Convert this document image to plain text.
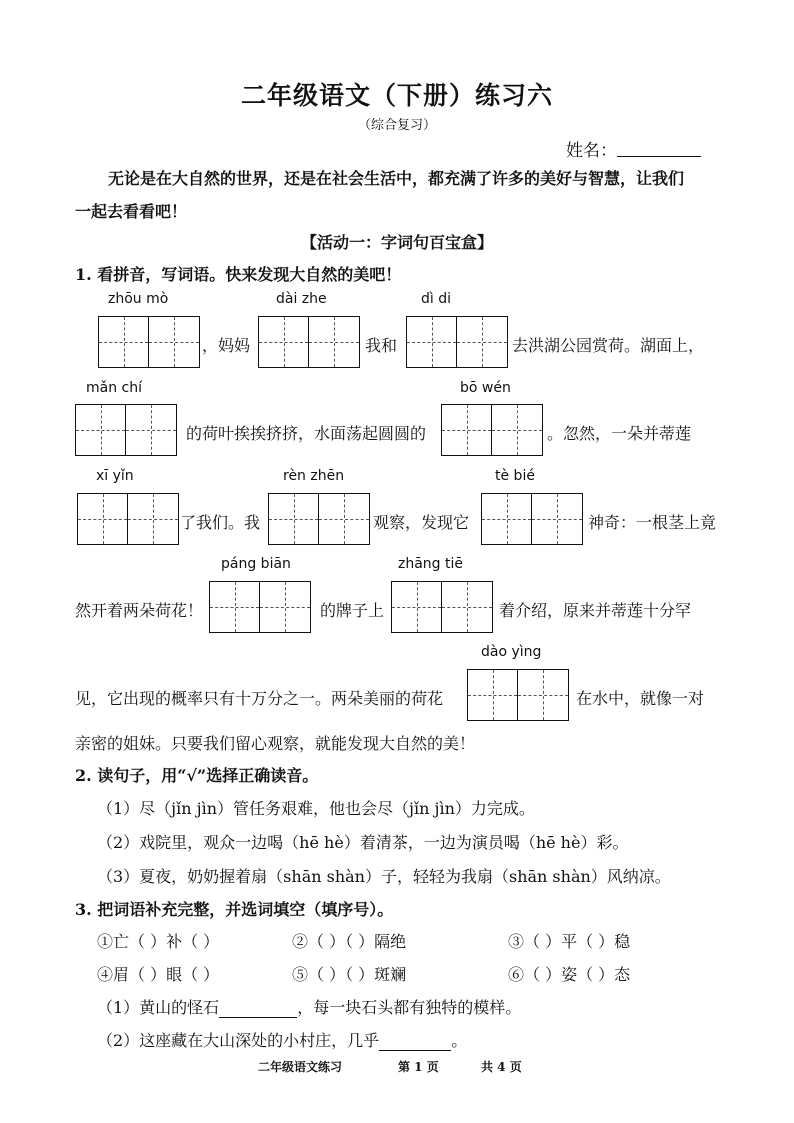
二年级语文（下册）练习六
（综合复习）
姓名：
无论是在大自然的世界，还是在社会生活中，都充满了许多的美好与智慧，让我们
一起去看看吧！
【活动一：字词句百宝盒】
1. 看拼音，写词语。快来发现大自然的美吧！
zhōu mò	dài zhe	dì di
，妈妈	我和	去洪湖公园赏荷。湖面上，
mǎn chí	bō wén
的荷叶挨挨挤挤，水面荡起圆圆的	。忽然，一朵并蒂莲
xī yǐn	rèn zhēn	tè bié
了我们。我	观察，发现它	神奇：一根茎上竟
páng biān	zhāng tiē
然开着两朵荷花！	的牌子上	着介绍，原来并蒂莲十分罕
dào yìng
见，它出现的概率只有十万分之一。两朵美丽的荷花	在水中，就像一对
亲密的姐妹。只要我们留心观察，就能发现大自然的美！
2. 读句子，用“√”选择正确读音。
（1）尽（jǐn jìn）管任务艰难，他也会尽（jǐn jìn）力完成。
（2）戏院里，观众一边喝（hē hè）着清茶，一边为演员喝（hē hè）彩。
（3）夏夜，奶奶握着扇（shān shàn）子，轻轻为我扇（shān shàn）风纳凉。
3. 把词语补充完整，并选词填空（填序号）。
①亡（ ）补（ ）	②（ ）（ ）隔绝	③（ ）平（ ）稳
④眉（ ）眼（ ）	⑤（ ）（ ）斑斓	⑥（ ）姿（ ）态
（1）黄山的怪石	，每一块石头都有独特的模样。
（2）这座藏在大山深处的小村庄，几乎	。
二年级语文练习	第 1 页	共 4 页
